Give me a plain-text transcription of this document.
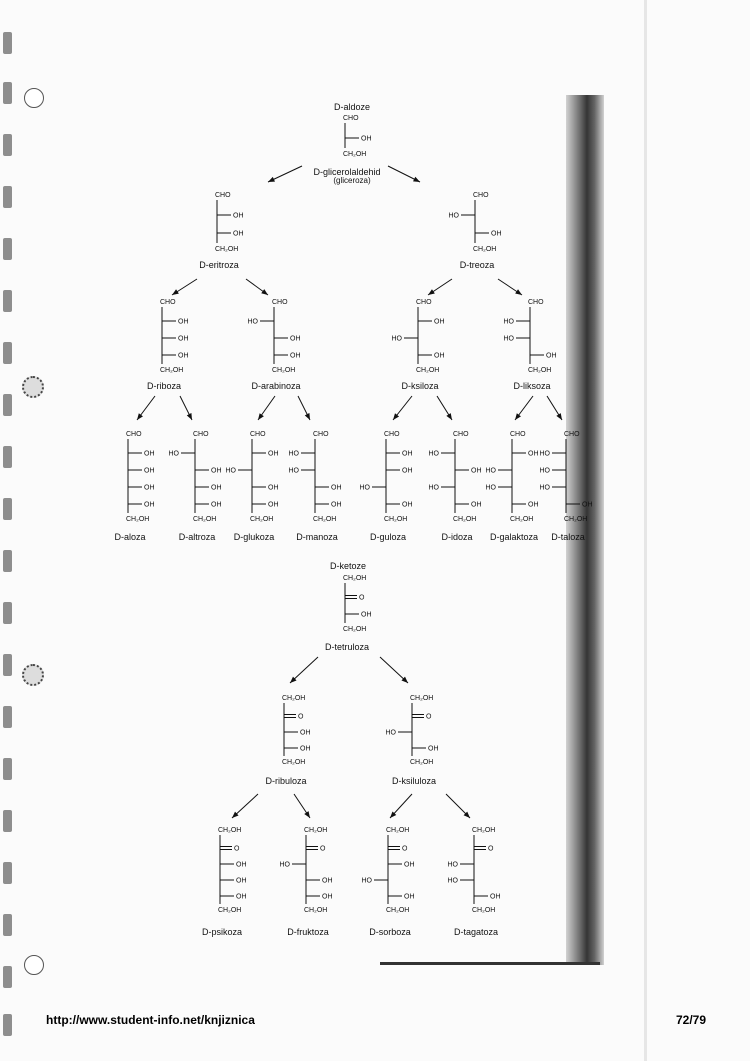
D-aldoze
CHO
OH
CH₂OH
D-glicerolaldehid
(gliceroza)
CHO
OH
OH
CH₂OH
D-eritroza
CHO
HO
OH
CH₂OH
D-treoza
CHO
OH
OH
OH
CH₂OH
D-riboza
CHO
HO
OH
OH
CH₂OH
D-arabinoza
CHO
OH
HO
OH
CH₂OH
D-ksiloza
CHO
HO
HO
OH
CH₂OH
D-liksoza
CHO
OH
OH
OH
OH
CH₂OH
D-aloza
CHO
HO
OH
OH
OH
CH₂OH
D-altroza
CHO
OH
HO
OH
OH
CH₂OH
D-glukoza
CHO
HO
HO
OH
OH
CH₂OH
D-manoza
CHO
OH
OH
HO
OH
CH₂OH
D-guloza
CHO
HO
OH
HO
OH
CH₂OH
D-idoza
CHO
OH
HO
HO
OH
CH₂OH
D-galaktoza
CHO
HO
HO
HO
OH
CH₂OH
D-taloza
D-ketoze
CH₂OH
O
OH
CH₂OH
D-tetruloza
CH₂OH
O
OH
OH
CH₂OH
D-ribuloza
CH₂OH
O
HO
OH
CH₂OH
D-ksiluloza
CH₂OH
O
OH
OH
OH
CH₂OH
D-psikoza
CH₂OH
O
HO
OH
OH
CH₂OH
D-fruktoza
CH₂OH
O
OH
HO
OH
CH₂OH
D-sorboza
CH₂OH
O
HO
HO
OH
CH₂OH
D-tagatoza
http://www.student-info.net/knjiznica	72/79
